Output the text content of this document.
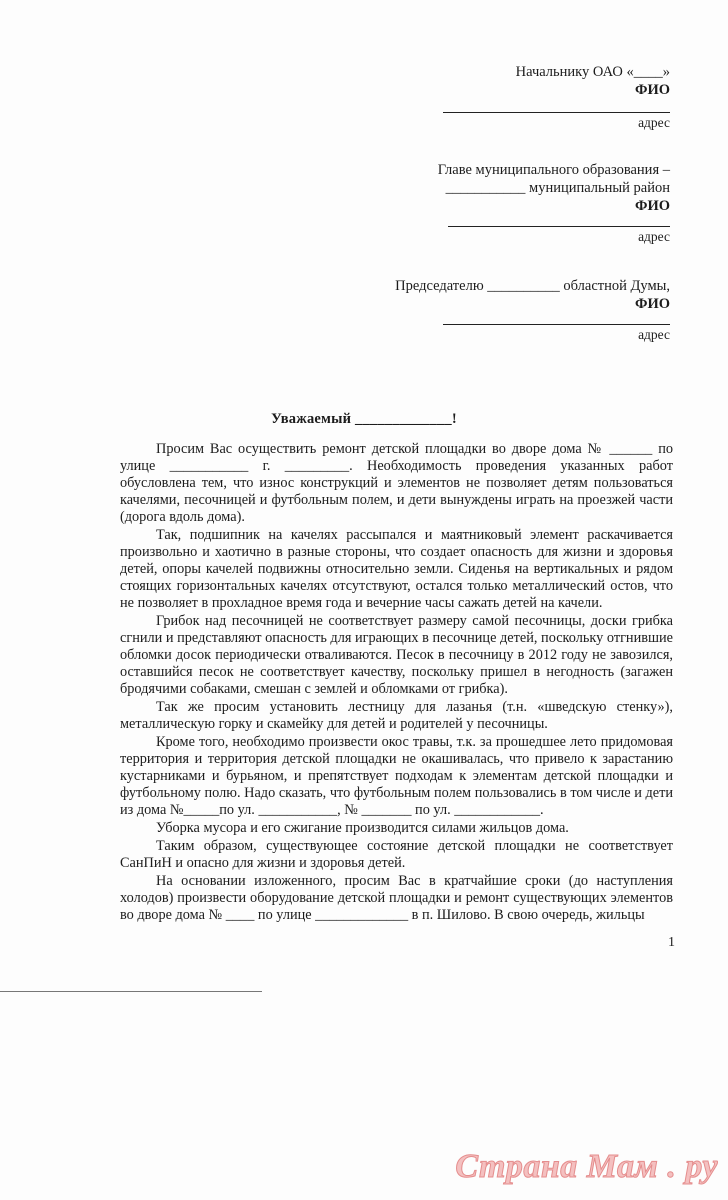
Начальнику ОАО «____»
ФИО
адрес
Главе муниципального образования –
___________ муниципальный район
ФИО
адрес
Председателю __________ областной Думы,
ФИО
адрес
Уважаемый _____________!

Просим Вас осуществить ремонт детской площадки во дворе дома № ______ по улице ___________ г. _________. Необходимость проведения указанных работ обусловлена тем, что износ конструкций и элементов не позволяет детям пользоваться качелями, песочницей и футбольным полем, и дети вынуждены играть на проезжей части (дорога вдоль дома).

Так, подшипник на качелях рассыпался и маятниковый элемент раскачивается произвольно и хаотично в разные стороны, что создает опасность для жизни и здоровья детей, опоры качелей подвижны относительно земли. Сиденья на вертикальных и рядом стоящих горизонтальных качелях отсутствуют, остался только металлический остов, что не позволяет в прохладное время года и вечерние часы сажать детей на качели.

Грибок над песочницей не соответствует размеру самой песочницы, доски грибка сгнили и представляют опасность для играющих в песочнице детей, поскольку отгнившие обломки досок периодически отваливаются. Песок в песочницу в 2012 году не завозился, оставшийся песок не соответствует качеству, поскольку пришел в негодность (загажен бродячими собаками, смешан с землей и обломками от грибка).

Так же просим установить лестницу для лазанья (т.н. «шведскую стенку»), металлическую горку и скамейку для детей и родителей у песочницы.

Кроме того, необходимо произвести окос травы, т.к. за прошедшее лето придомовая территория и территория детской площадки не окашивалась, что привело к зарастанию кустарниками и бурьяном, и препятствует подходам к элементам детской площадки и футбольному полю. Надо сказать, что футбольным полем пользовались в том числе и дети из дома №_____по ул. ___________, № _______ по ул. ____________.

Уборка мусора и его сжигание производится силами жильцов дома.

Таким образом, существующее состояние детской площадки не соответствует СанПиН и опасно для жизни и здоровья детей.

На основании изложенного, просим Вас в кратчайшие сроки (до наступления холодов) произвести оборудование детской площадки и ремонт существующих элементов во дворе дома № ____ по улице _____________ в п. Шилово. В свою очередь, жильцы

1
Страна Мам . ру
